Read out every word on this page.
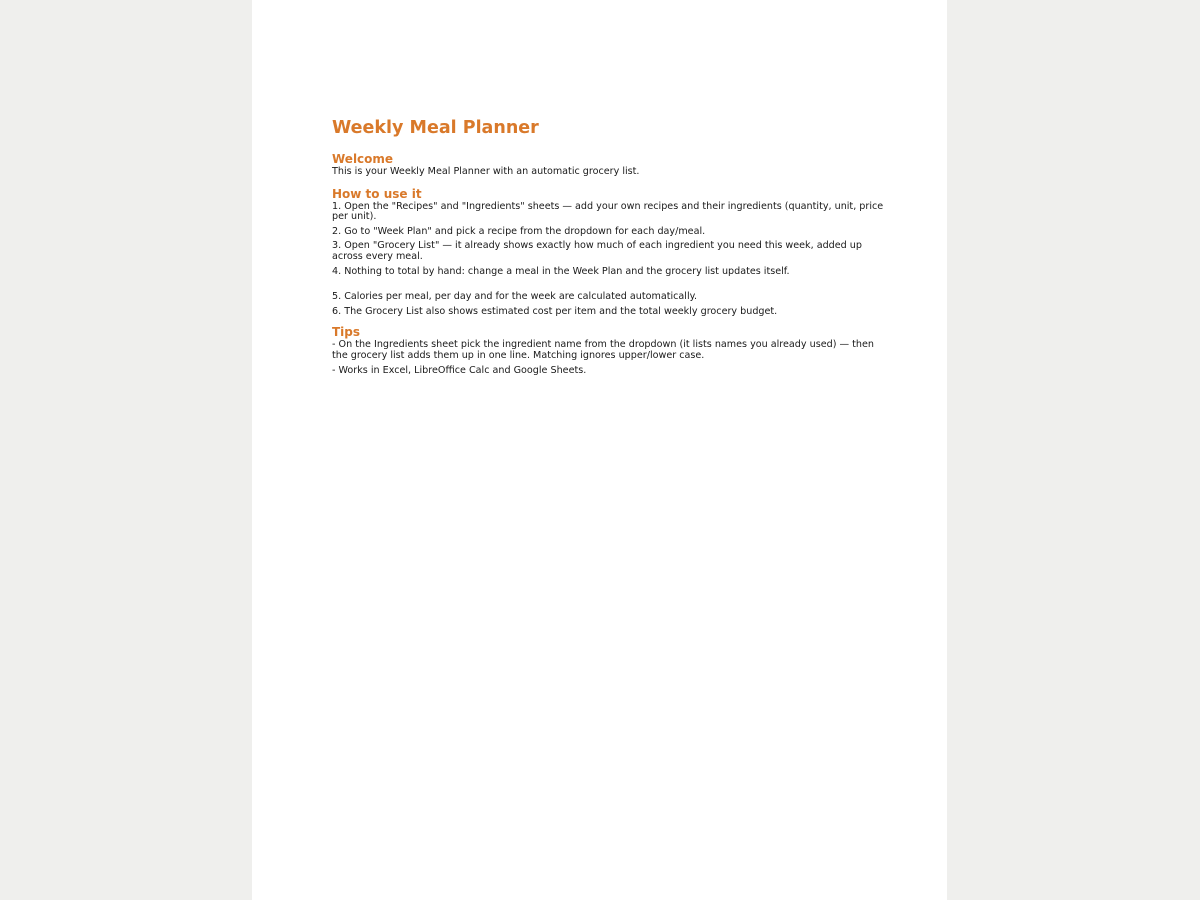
Weekly Meal Planner
Welcome

This is your Weekly Meal Planner with an automatic grocery list.

How to use it

1. Open the "Recipes" and "Ingredients" sheets — add your own recipes and their ingredients (quantity, unit, price per unit).

2. Go to "Week Plan" and pick a recipe from the dropdown for each day/meal.

3. Open "Grocery List" — it already shows exactly how much of each ingredient you need this week, added up across every meal.

4. Nothing to total by hand: change a meal in the Week Plan and the grocery list updates itself.

5. Calories per meal, per day and for the week are calculated automatically.

6. The Grocery List also shows estimated cost per item and the total weekly grocery budget.

Tips

- On the Ingredients sheet pick the ingredient name from the dropdown (it lists names you already used) — then the grocery list adds them up in one line. Matching ignores upper/lower case.

- Works in Excel, LibreOffice Calc and Google Sheets.
